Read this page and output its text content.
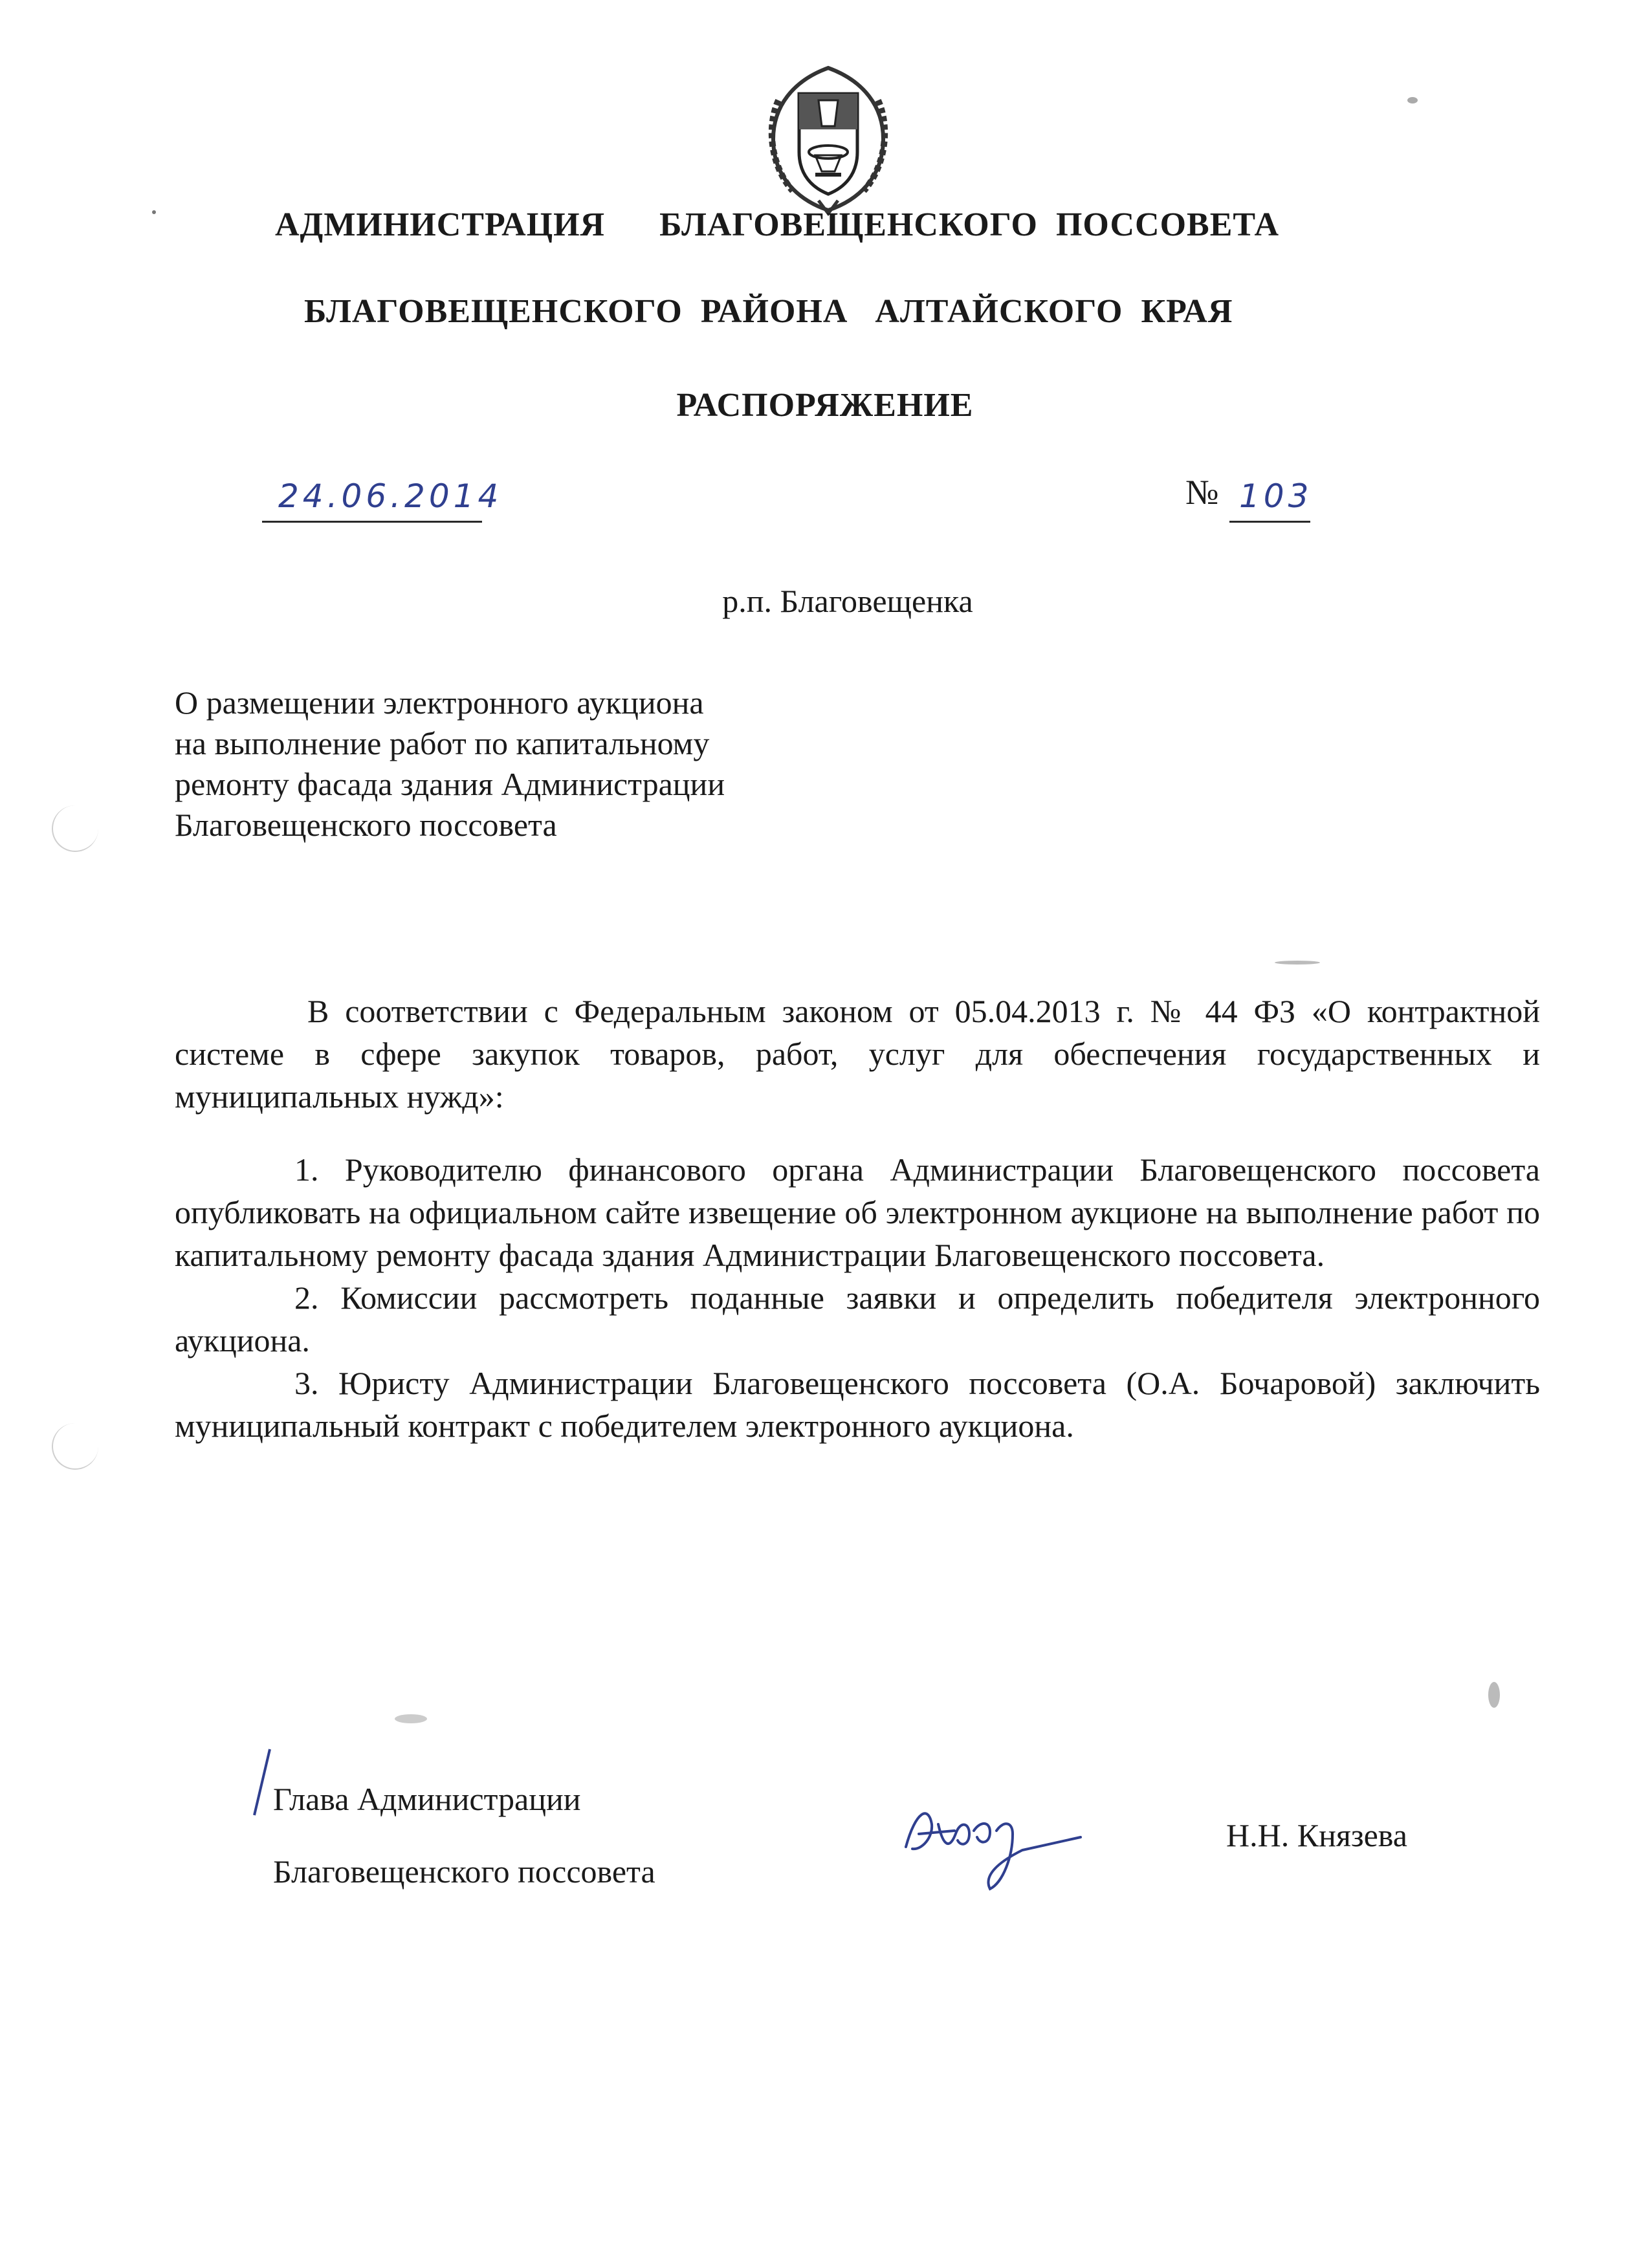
АДМИНИСТРАЦИЯ      БЛАГОВЕЩЕНСКОГО  ПОССОВЕТА
БЛАГОВЕЩЕНСКОГО  РАЙОНА   АЛТАЙСКОГО  КРАЯ
РАСПОРЯЖЕНИЕ
24.06.2014	№ 103
р.п. Благовещенка
О размещении электронного аукциона
на выполнение работ по капитальному
ремонту фасада здания Администрации
Благовещенского поссовета
В соответствии с Федеральным законом от 05.04.2013 г. № 44 ФЗ «О контрактной системе в сфере закупок товаров, работ, услуг для обеспечения государственных и муниципальных нужд»:

1. Руководителю финансового органа Администрации Благовещенского поссовета опубликовать на официальном сайте извещение об электронном аукционе на выполнение работ по капитальному ремонту фасада здания Администрации Благовещенского поссовета.

2. Комиссии рассмотреть поданные заявки и определить победителя электронного аукциона.

3. Юристу Администрации Благовещенского поссовета (О.А. Бочаровой) заключить муниципальный контракт с победителем электронного аукциона.

Глава Администрации
Благовещенского поссовета
Н.Н. Князева
